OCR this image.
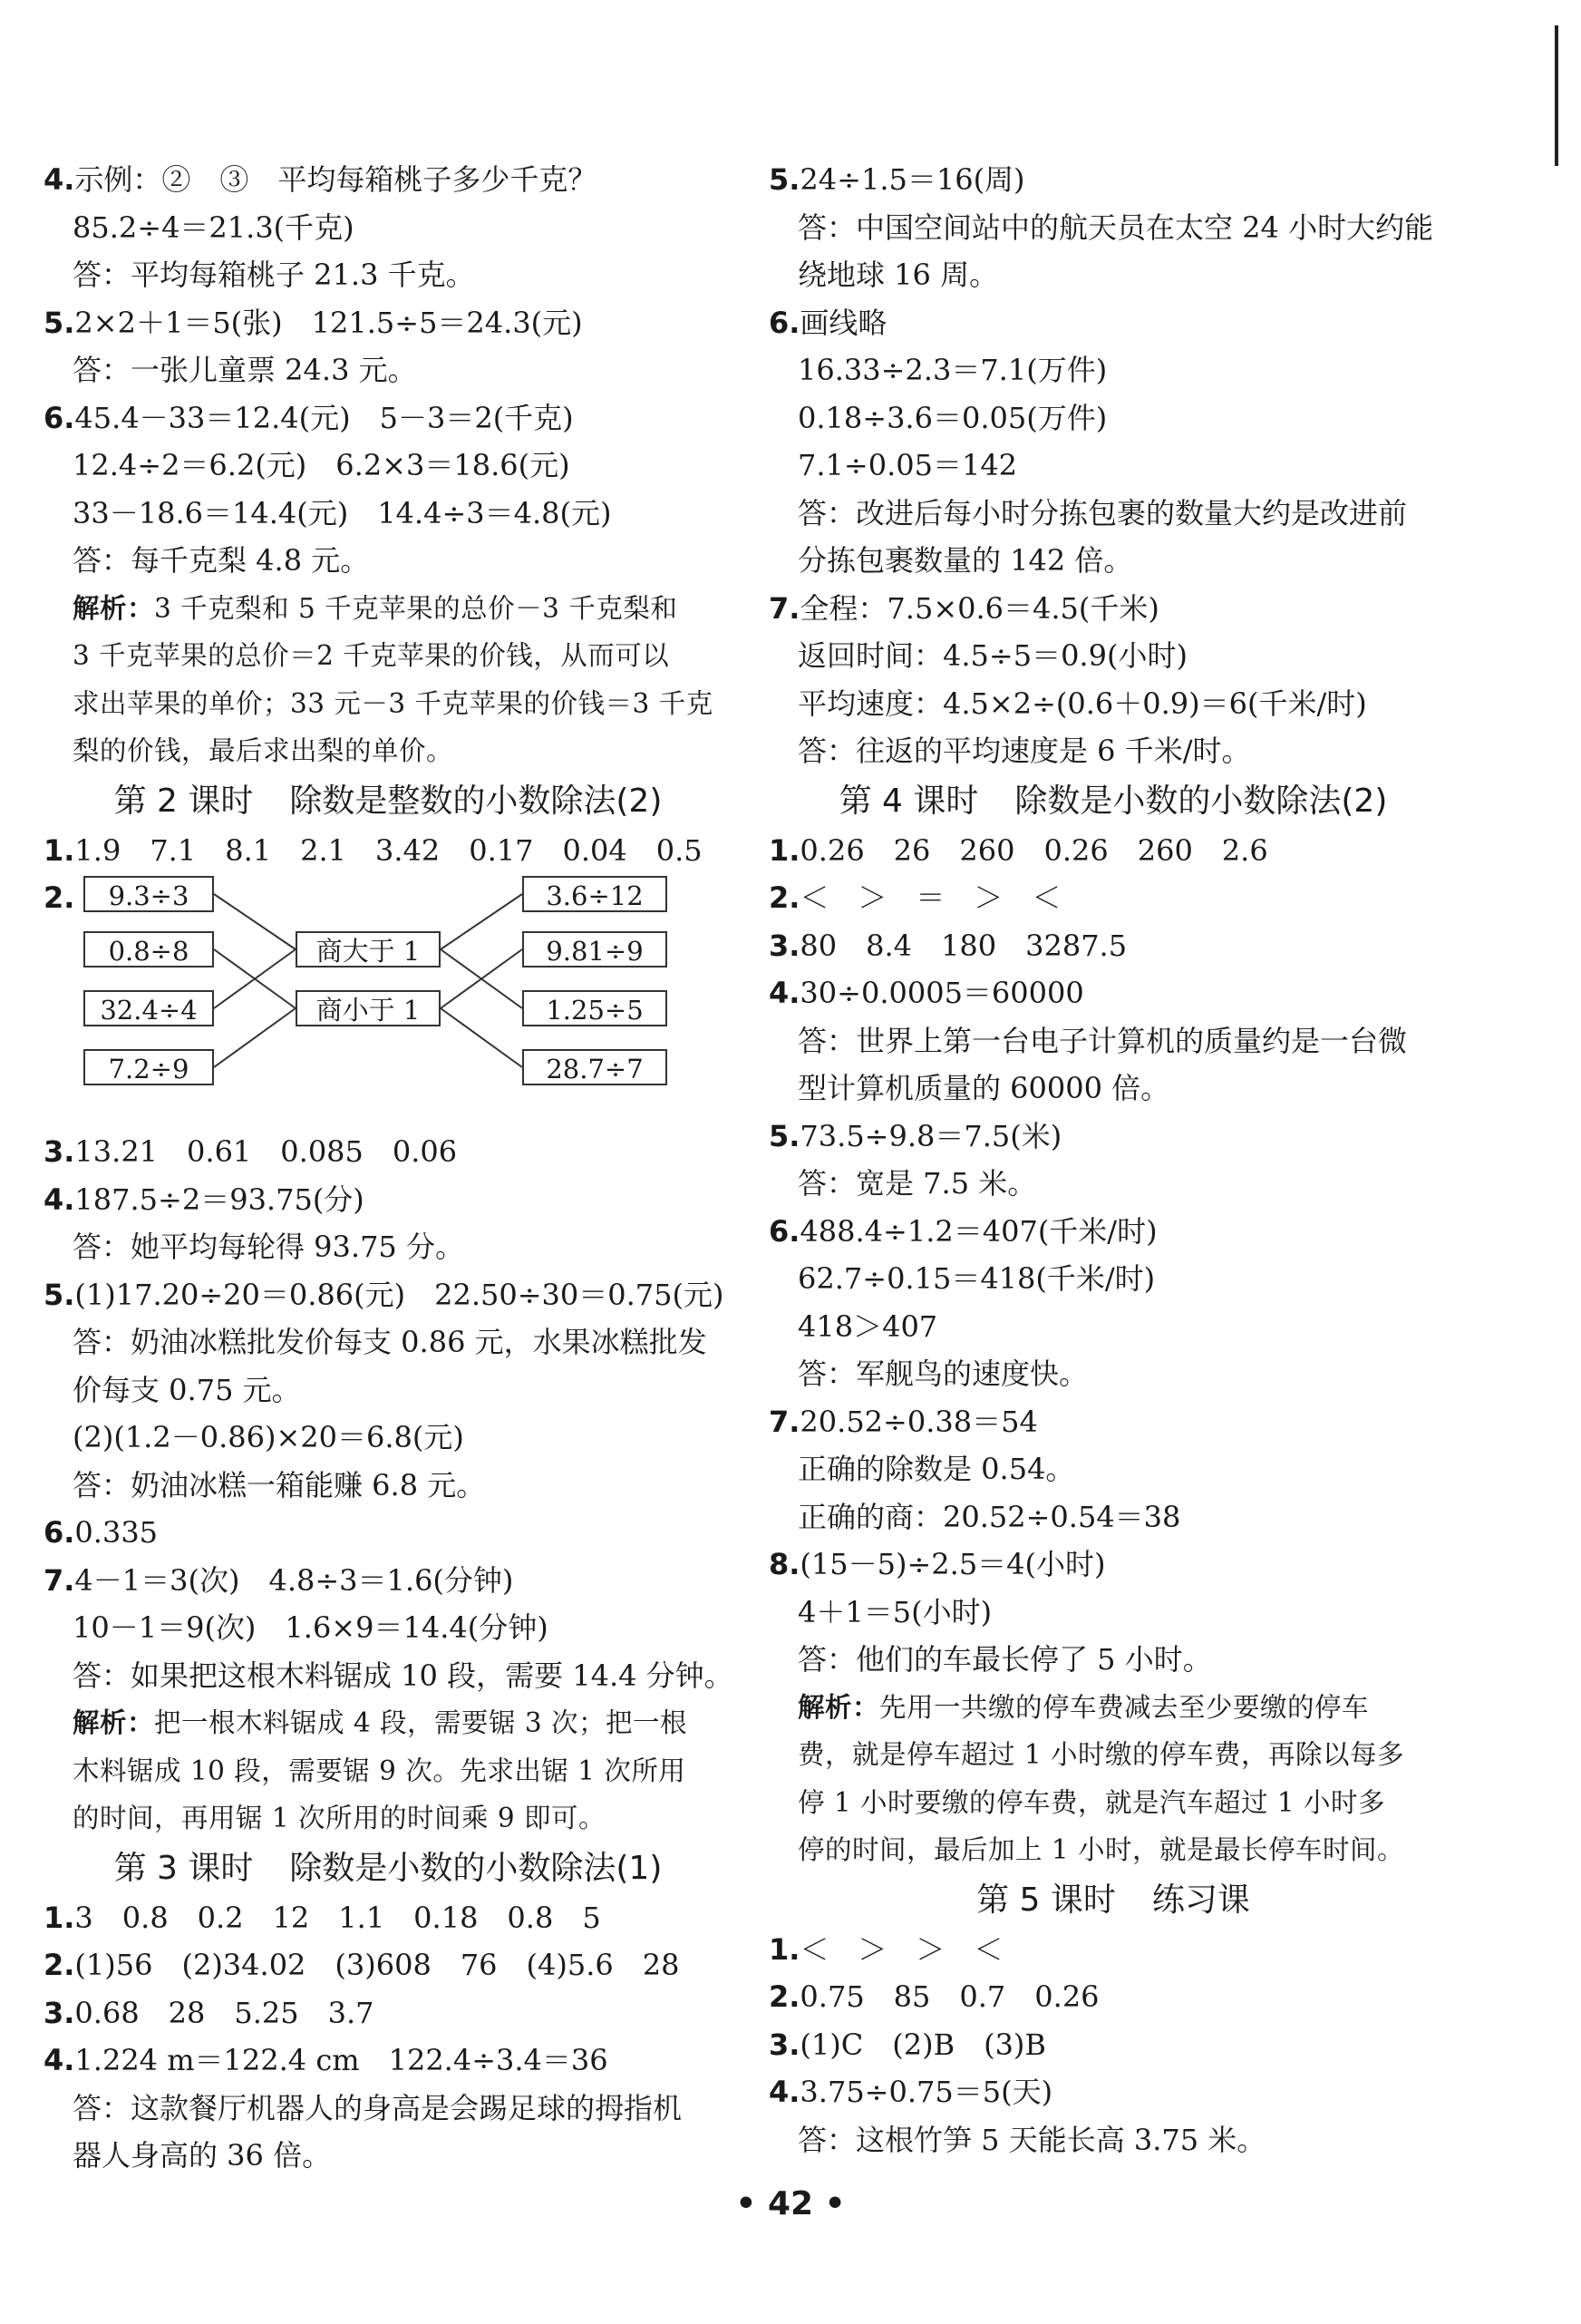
4.示例：②　③　平均每箱桃子多少千克？
85.2÷4＝21.3(千克)
答：平均每箱桃子 21.3 千克。
5.2×2＋1＝5(张)　121.5÷5＝24.3(元)
答：一张儿童票 24.3 元。
6.45.4－33＝12.4(元)　5－3＝2(千克)
12.4÷2＝6.2(元)　6.2×3＝18.6(元)
33－18.6＝14.4(元)　14.4÷3＝4.8(元)
答：每千克梨 4.8 元。
解析：3 千克梨和 5 千克苹果的总价－3 千克梨和
3 千克苹果的总价＝2 千克苹果的价钱，从而可以
求出苹果的单价；33 元－3 千克苹果的价钱＝3 千克
梨的价钱，最后求出梨的单价。
第 2 课时 除数是整数的小数除法(2)
1.1.9　7.1　8.1　2.1　3.42　0.17　0.04　0.5
2.	9.3÷3
0.8÷8
32.4÷4
7.2÷9
商大于 1
商小于 1
3.6÷12
9.81÷9
1.25÷5
28.7÷7
3.13.21　0.61　0.085　0.06
4.187.5÷2＝93.75(分)
答：她平均每轮得 93.75 分。
5.(1)17.20÷20＝0.86(元)　22.50÷30＝0.75(元)
答：奶油冰糕批发价每支 0.86 元，水果冰糕批发
价每支 0.75 元。
(2)(1.2－0.86)×20＝6.8(元)
答：奶油冰糕一箱能赚 6.8 元。
6.0.335
7.4－1＝3(次)　4.8÷3＝1.6(分钟)
10－1＝9(次)　1.6×9＝14.4(分钟)
答：如果把这根木料锯成 10 段，需要 14.4 分钟。
解析：把一根木料锯成 4 段，需要锯 3 次；把一根
木料锯成 10 段，需要锯 9 次。先求出锯 1 次所用
的时间，再用锯 1 次所用的时间乘 9 即可。
第 3 课时 除数是小数的小数除法(1)
1.3　0.8　0.2　12　1.1　0.18　0.8　5
2.(1)56　(2)34.02　(3)608　76　(4)5.6　28
3.0.68　28　5.25　3.7
4.1.224 m＝122.4 cm　122.4÷3.4＝36
答：这款餐厅机器人的身高是会踢足球的拇指机
器人身高的 36 倍。
5.24÷1.5＝16(周)
答：中国空间站中的航天员在太空 24 小时大约能
绕地球 16 周。
6.画线略
16.33÷2.3＝7.1(万件)
0.18÷3.6＝0.05(万件)
7.1÷0.05＝142
答：改进后每小时分拣包裹的数量大约是改进前
分拣包裹数量的 142 倍。
7.全程：7.5×0.6＝4.5(千米)
返回时间：4.5÷5＝0.9(小时)
平均速度：4.5×2÷(0.6＋0.9)＝6(千米/时)
答：往返的平均速度是 6 千米/时。
第 4 课时 除数是小数的小数除法(2)
1.0.26　26　260　0.26　260　2.6
2.＜　＞　＝　＞　＜
3.80　8.4　180　3287.5
4.30÷0.0005＝60000
答：世界上第一台电子计算机的质量约是一台微
型计算机质量的 60000 倍。
5.73.5÷9.8＝7.5(米)
答：宽是 7.5 米。
6.488.4÷1.2＝407(千米/时)
62.7÷0.15＝418(千米/时)
418＞407
答：军舰鸟的速度快。
7.20.52÷0.38＝54
正确的除数是 0.54。
正确的商：20.52÷0.54＝38
8.(15－5)÷2.5＝4(小时)
4＋1＝5(小时)
答：他们的车最长停了 5 小时。
解析：先用一共缴的停车费减去至少要缴的停车
费，就是停车超过 1 小时缴的停车费，再除以每多
停 1 小时要缴的停车费，就是汽车超过 1 小时多
停的时间，最后加上 1 小时，就是最长停车时间。
第 5 课时 练习课
1.＜　＞　＞　＜
2.0.75　85　0.7　0.26
3.(1)C　(2)B　(3)B
4.3.75÷0.75＝5(天)
答：这根竹笋 5 天能长高 3.75 米。
• 42 •
